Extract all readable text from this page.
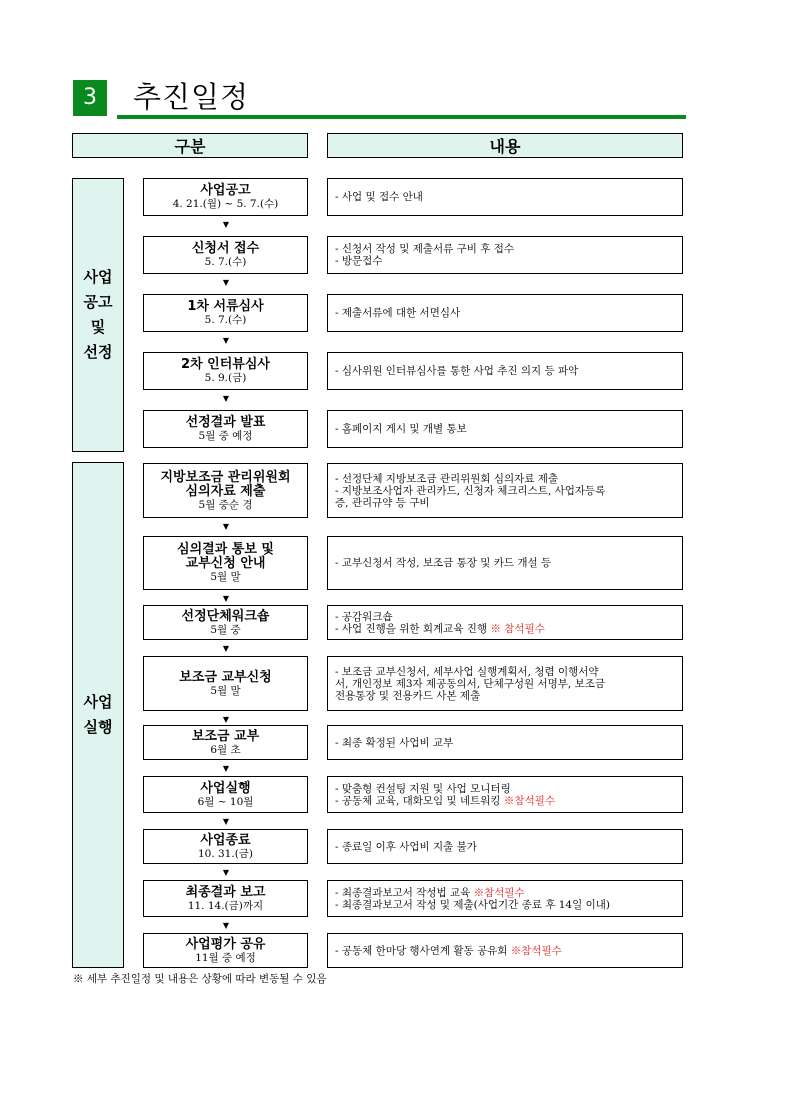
3	추진일정
구분	내용
사업
공고
및
선정
사업
실행
사업공고
4. 21.(월) ~ 5. 7.(수)
- 사업 및 접수 안내
▼
신청서 접수
5. 7.(수)
- 신청서 작성 및 제출서류 구비 후 접수
- 방문접수
▼
1차 서류심사
5. 7.(수)
- 제출서류에 대한 서면심사
▼
2차 인터뷰심사
5. 9.(금)
- 심사위원 인터뷰심사를 통한 사업 추진 의지 등 파악
▼
선정결과 발표
5월 중 예정
- 홈페이지 게시 및 개별 통보
지방보조금 관리위원회
심의자료 제출
5월 중순 경
- 선정단체 지방보조금 관리위원회 심의자료 제출
- 지방보조사업자 관리카드, 신청자 체크리스트, 사업자등록
증, 관리규약 등 구비
▼
심의결과 통보 및
교부신청 안내
5월 말
- 교부신청서 작성, 보조금 통장 및 카드 개설 등
▼
선정단체워크숍
5월 중
- 공감워크숍
- 사업 진행을 위한 회계교육 진행 ※ 참석필수
▼
보조금 교부신청
5월 말
- 보조금 교부신청서, 세부사업 실행계획서, 청렴 이행서약
서, 개인정보 제3자 제공동의서, 단체구성원 서명부, 보조금
전용통장 및 전용카드 사본 제출
▼
보조금 교부
6월 초
- 최종 확정된 사업비 교부
▼
사업실행
6월 ~ 10월
- 맞춤형 컨설팅 지원 및 사업 모니터링
- 공동체 교육, 대화모임 및 네트워킹 ※참석필수
▼
사업종료
10. 31.(금)
- 종료일 이후 사업비 지출 불가
▼
최종결과 보고
11. 14.(금)까지
- 최종결과보고서 작성법 교육 ※참석필수
- 최종결과보고서 작성 및 제출(사업기간 종료 후 14일 이내)
▼
사업평가 공유
11월 중 예정
- 공동체 한마당 행사연계 활동 공유회 ※참석필수
※ 세부 추진일정 및 내용은 상황에 따라 변동될 수 있음
